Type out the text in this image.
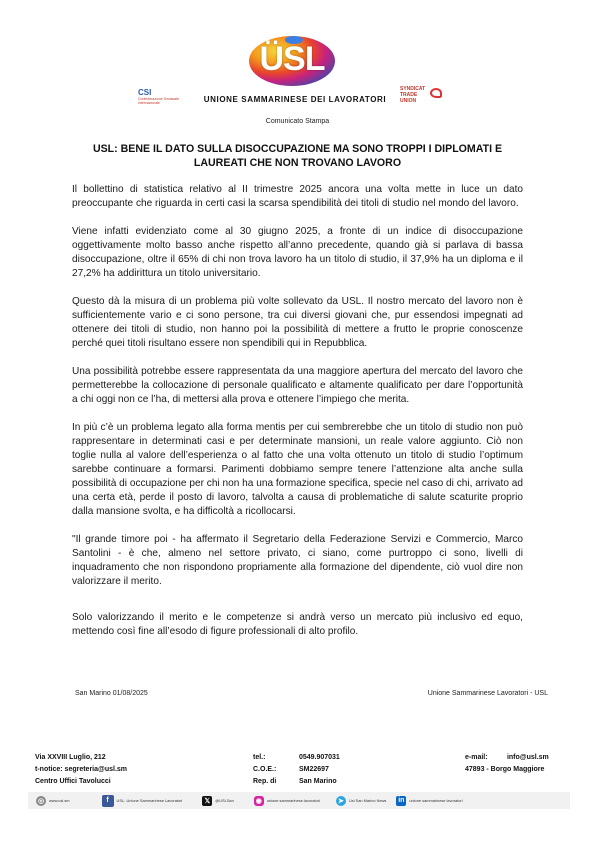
ÜSL
CSI
Confederazione Sindacale Internazionale	UNIONE SAMMARINESE DEI LAVORATORI
SYNDICAT TRADE UNION
Comunicato Stampa
USL: BENE IL DATO SULLA DISOCCUPAZIONE MA SONO TROPPI I DIPLOMATI E LAUREATI CHE NON TROVANO LAVORO

Il bollettino di statistica relativo al II trimestre 2025 ancora una volta mette in luce un dato preoccupante che riguarda in certi casi la scarsa spendibilità dei titoli di studio nel mondo del lavoro.

Viene infatti evidenziato come al 30 giugno 2025, a fronte di un indice di disoccupazione oggettivamente molto basso anche rispetto all’anno precedente, quando già si parlava di bassa disoccupazione, oltre il 65% di chi non trova lavoro ha un titolo di studio, il 37,9% ha un diploma e il 27,2% ha addirittura un titolo universitario.

Questo dà la misura di un problema più volte sollevato da USL. Il nostro mercato del lavoro non è sufficientemente vario e ci sono persone, tra cui diversi giovani che, pur essendosi impegnati ad ottenere dei titoli di studio, non hanno poi la possibilità di mettere a frutto le proprie conoscenze perché quei titoli risultano essere non spendibili qui in Repubblica.

Una possibilità potrebbe essere rappresentata da una maggiore apertura del mercato del lavoro che permetterebbe la collocazione di personale qualificato e altamente qualificato per dare l’opportunità a chi oggi non ce l’ha, di mettersi alla prova e ottenere l’impiego che merita.

In più c’è un problema legato alla forma mentis per cui sembrerebbe che un titolo di studio non può rappresentare in determinati casi e per determinate mansioni, un reale valore aggiunto. Ciò non toglie nulla al valore dell’esperienza o al fatto che una volta ottenuto un titolo di studio l’optimum sarebbe continuare a formarsi. Parimenti dobbiamo sempre tenere l’attenzione alta anche sulla possibilità di occupazione per chi non ha una formazione specifica, specie nel caso di chi, arrivato ad una certa età, perde il posto di lavoro, talvolta a causa di problematiche di salute scaturite proprio dalla mansione svolta, e ha difficoltà a ricollocarsi.

"Il grande timore poi - ha affermato il Segretario della Federazione Servizi e Commercio, Marco Santolini - è che, almeno nel settore privato, ci siano, come purtroppo ci sono, livelli di inquadramento che non rispondono propriamente alla formazione del dipendente, ciò vuol dire non valorizzare il merito.

Solo valorizzando il merito e le competenze si andrà verso un mercato più inclusivo ed equo, mettendo così fine all’esodo di figure professionali di alto profilo.

San Marino 01/08/2025	Unione Sammarinese Lavoratori - USL
Via XXVIII Luglio, 212
t-notice: segreteria@usl.sm
Centro Uffici Tavolucci
tel.:	0549.907031
C.O.E.:	SM22697
Rep. di	San Marino
e-mail:	info@usl.sm
47893 - Borgo Maggiore
◎	www.usl.sm	f	USL- Unione Sammarinese Lavoratori	𝕏	@USLSan	◉	unione.sammarinese.lavoratori	➤	Usl San Marino News in	unione sammarinese lavoratori
